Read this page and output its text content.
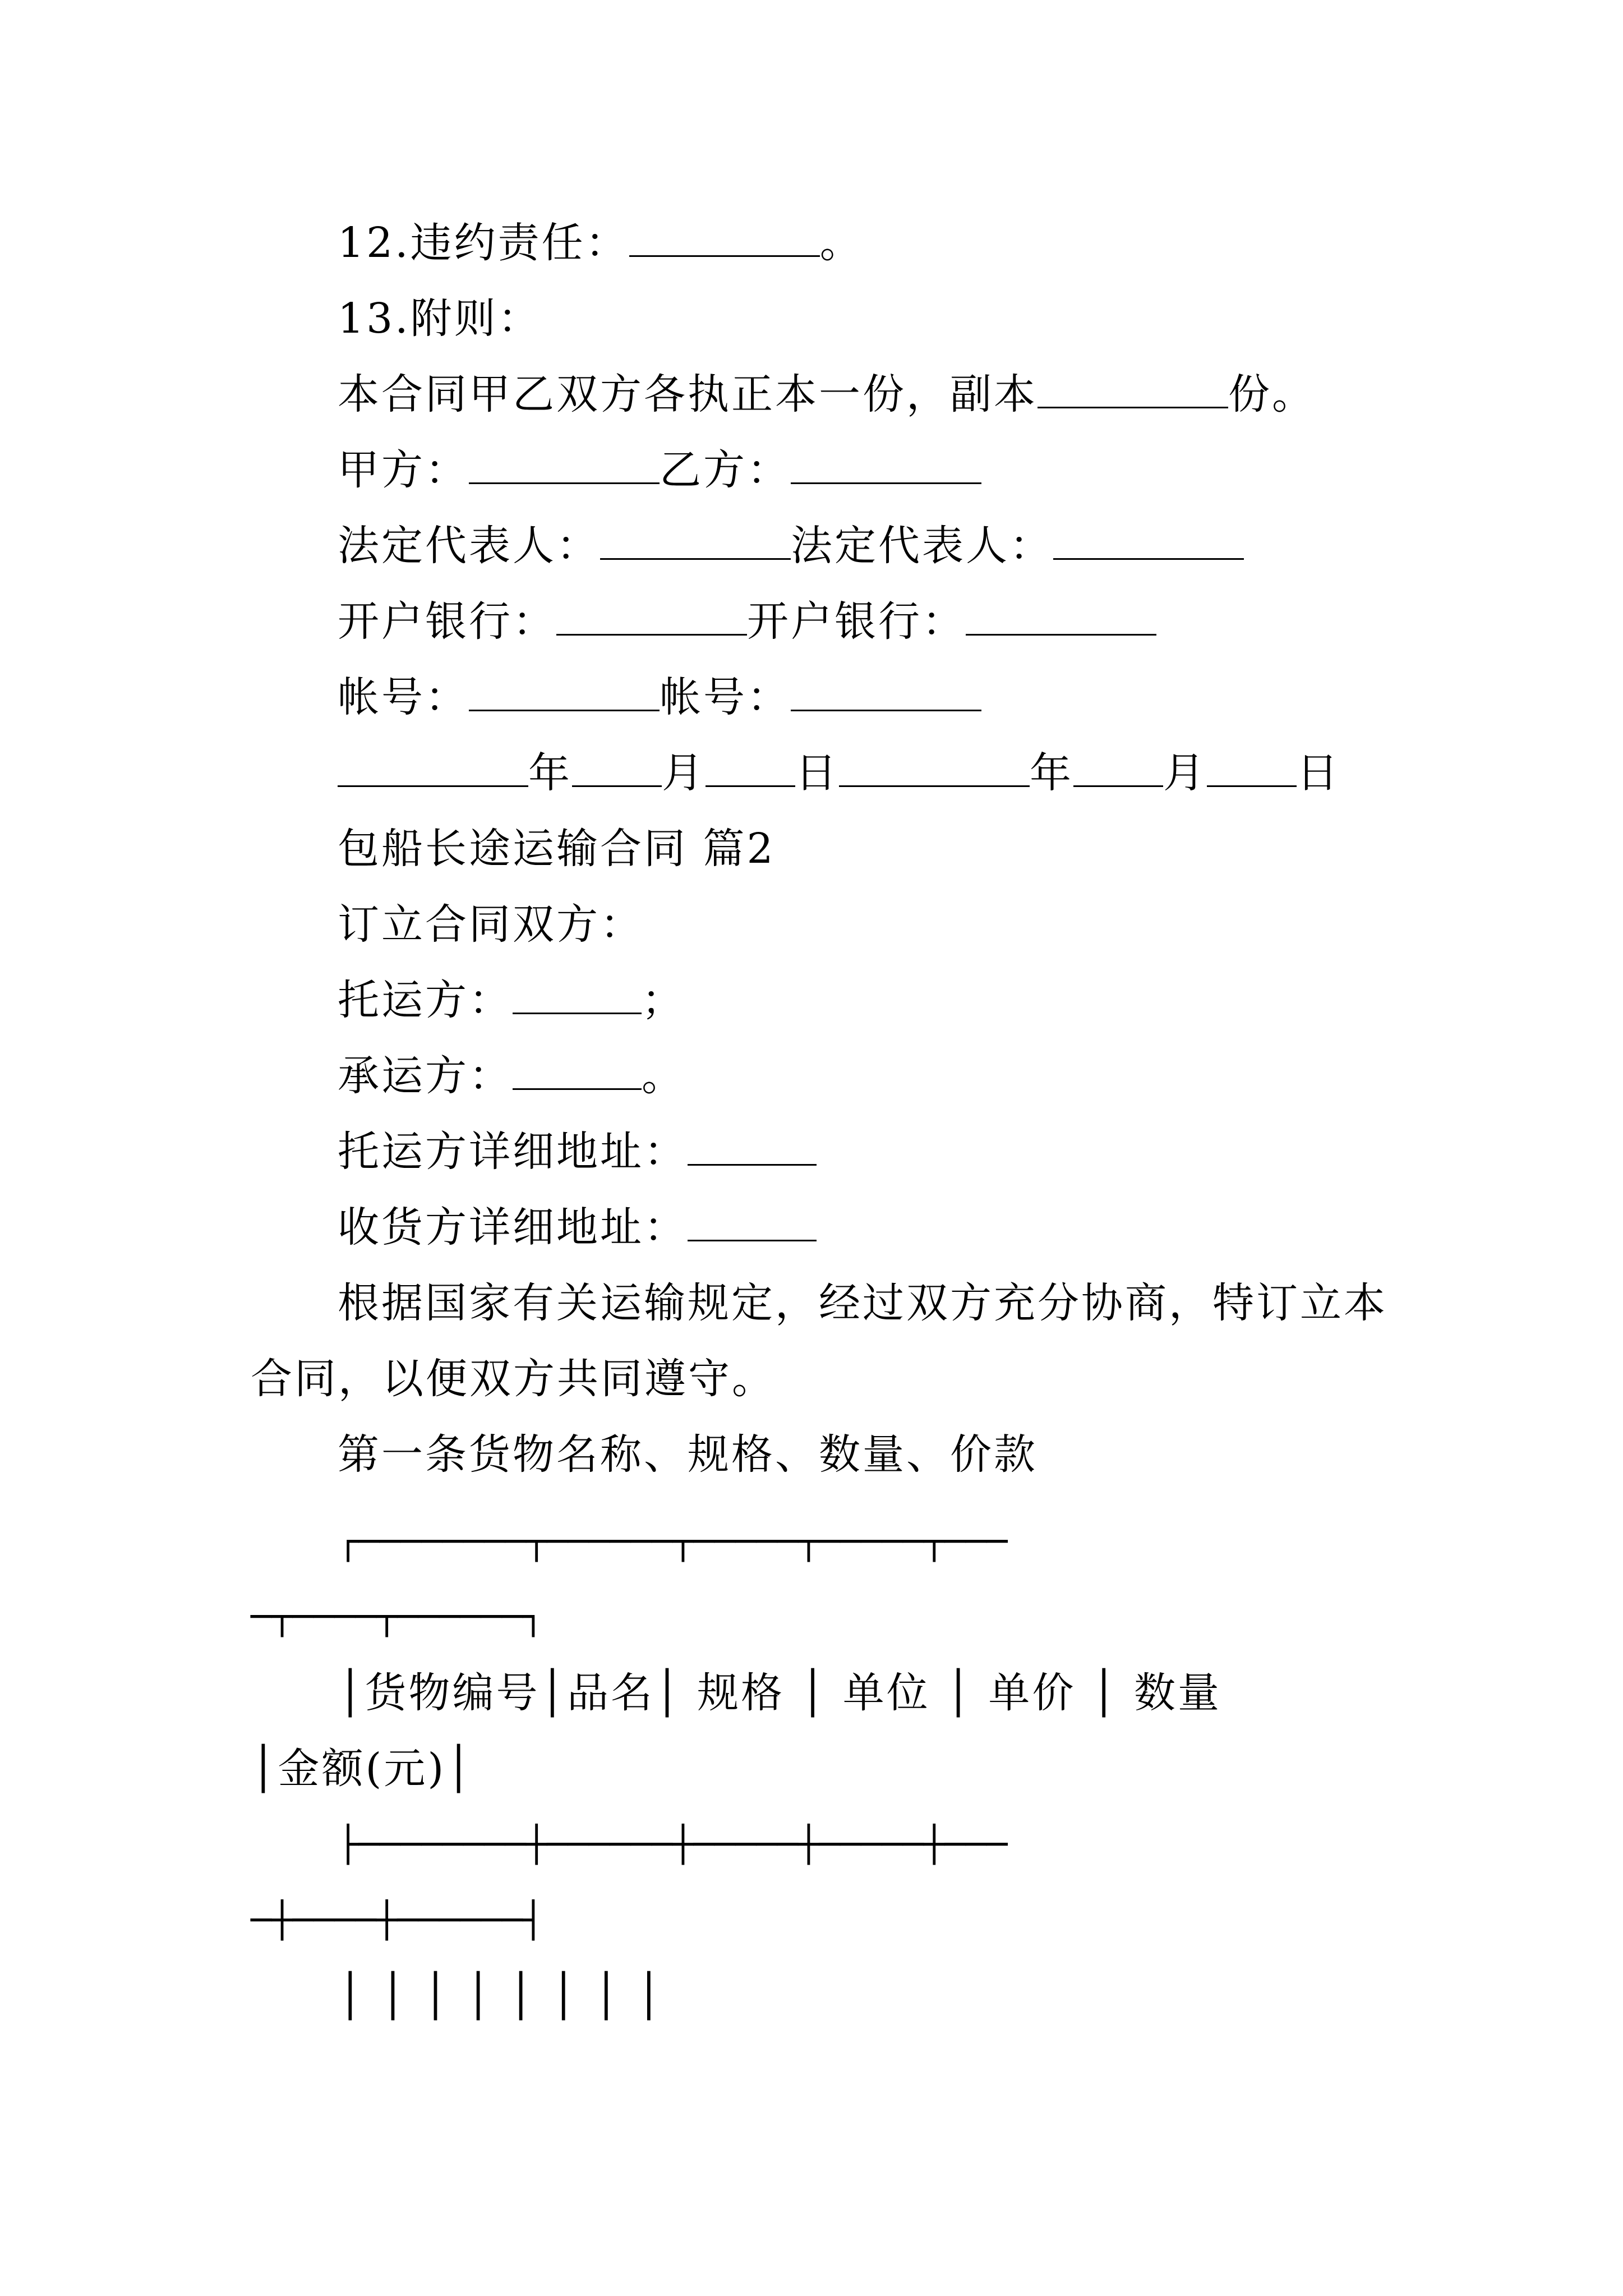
12.违约责任：	。
13.附则：
本合同甲乙双方各执正本一份，副本	份。
甲方：	乙方：
法定代表人：	法定代表人：
开户银行：	开户银行：
帐号：	帐号：
年 月 日	年 月 日
包船长途运输合同 篇2
订立合同双方：
托运方：	；
承运方：	。
托运方详细地址：
收货方详细地址：
根据国家有关运输规定，经过双方充分协商，特订立本
合同，以便双方共同遵守。
第一条货物名称、规格、数量、价款
┌────────┬──────┬─────┬─────┬───
─┬────┬──────┐
│货物编号│品名│ 规格 │ 单位 │ 单价 │ 数量
│金额(元)│
├────────┼──────┼─────┼─────┼───
─┼────┼──────┤
│ │ │ │ │ │ │ │
